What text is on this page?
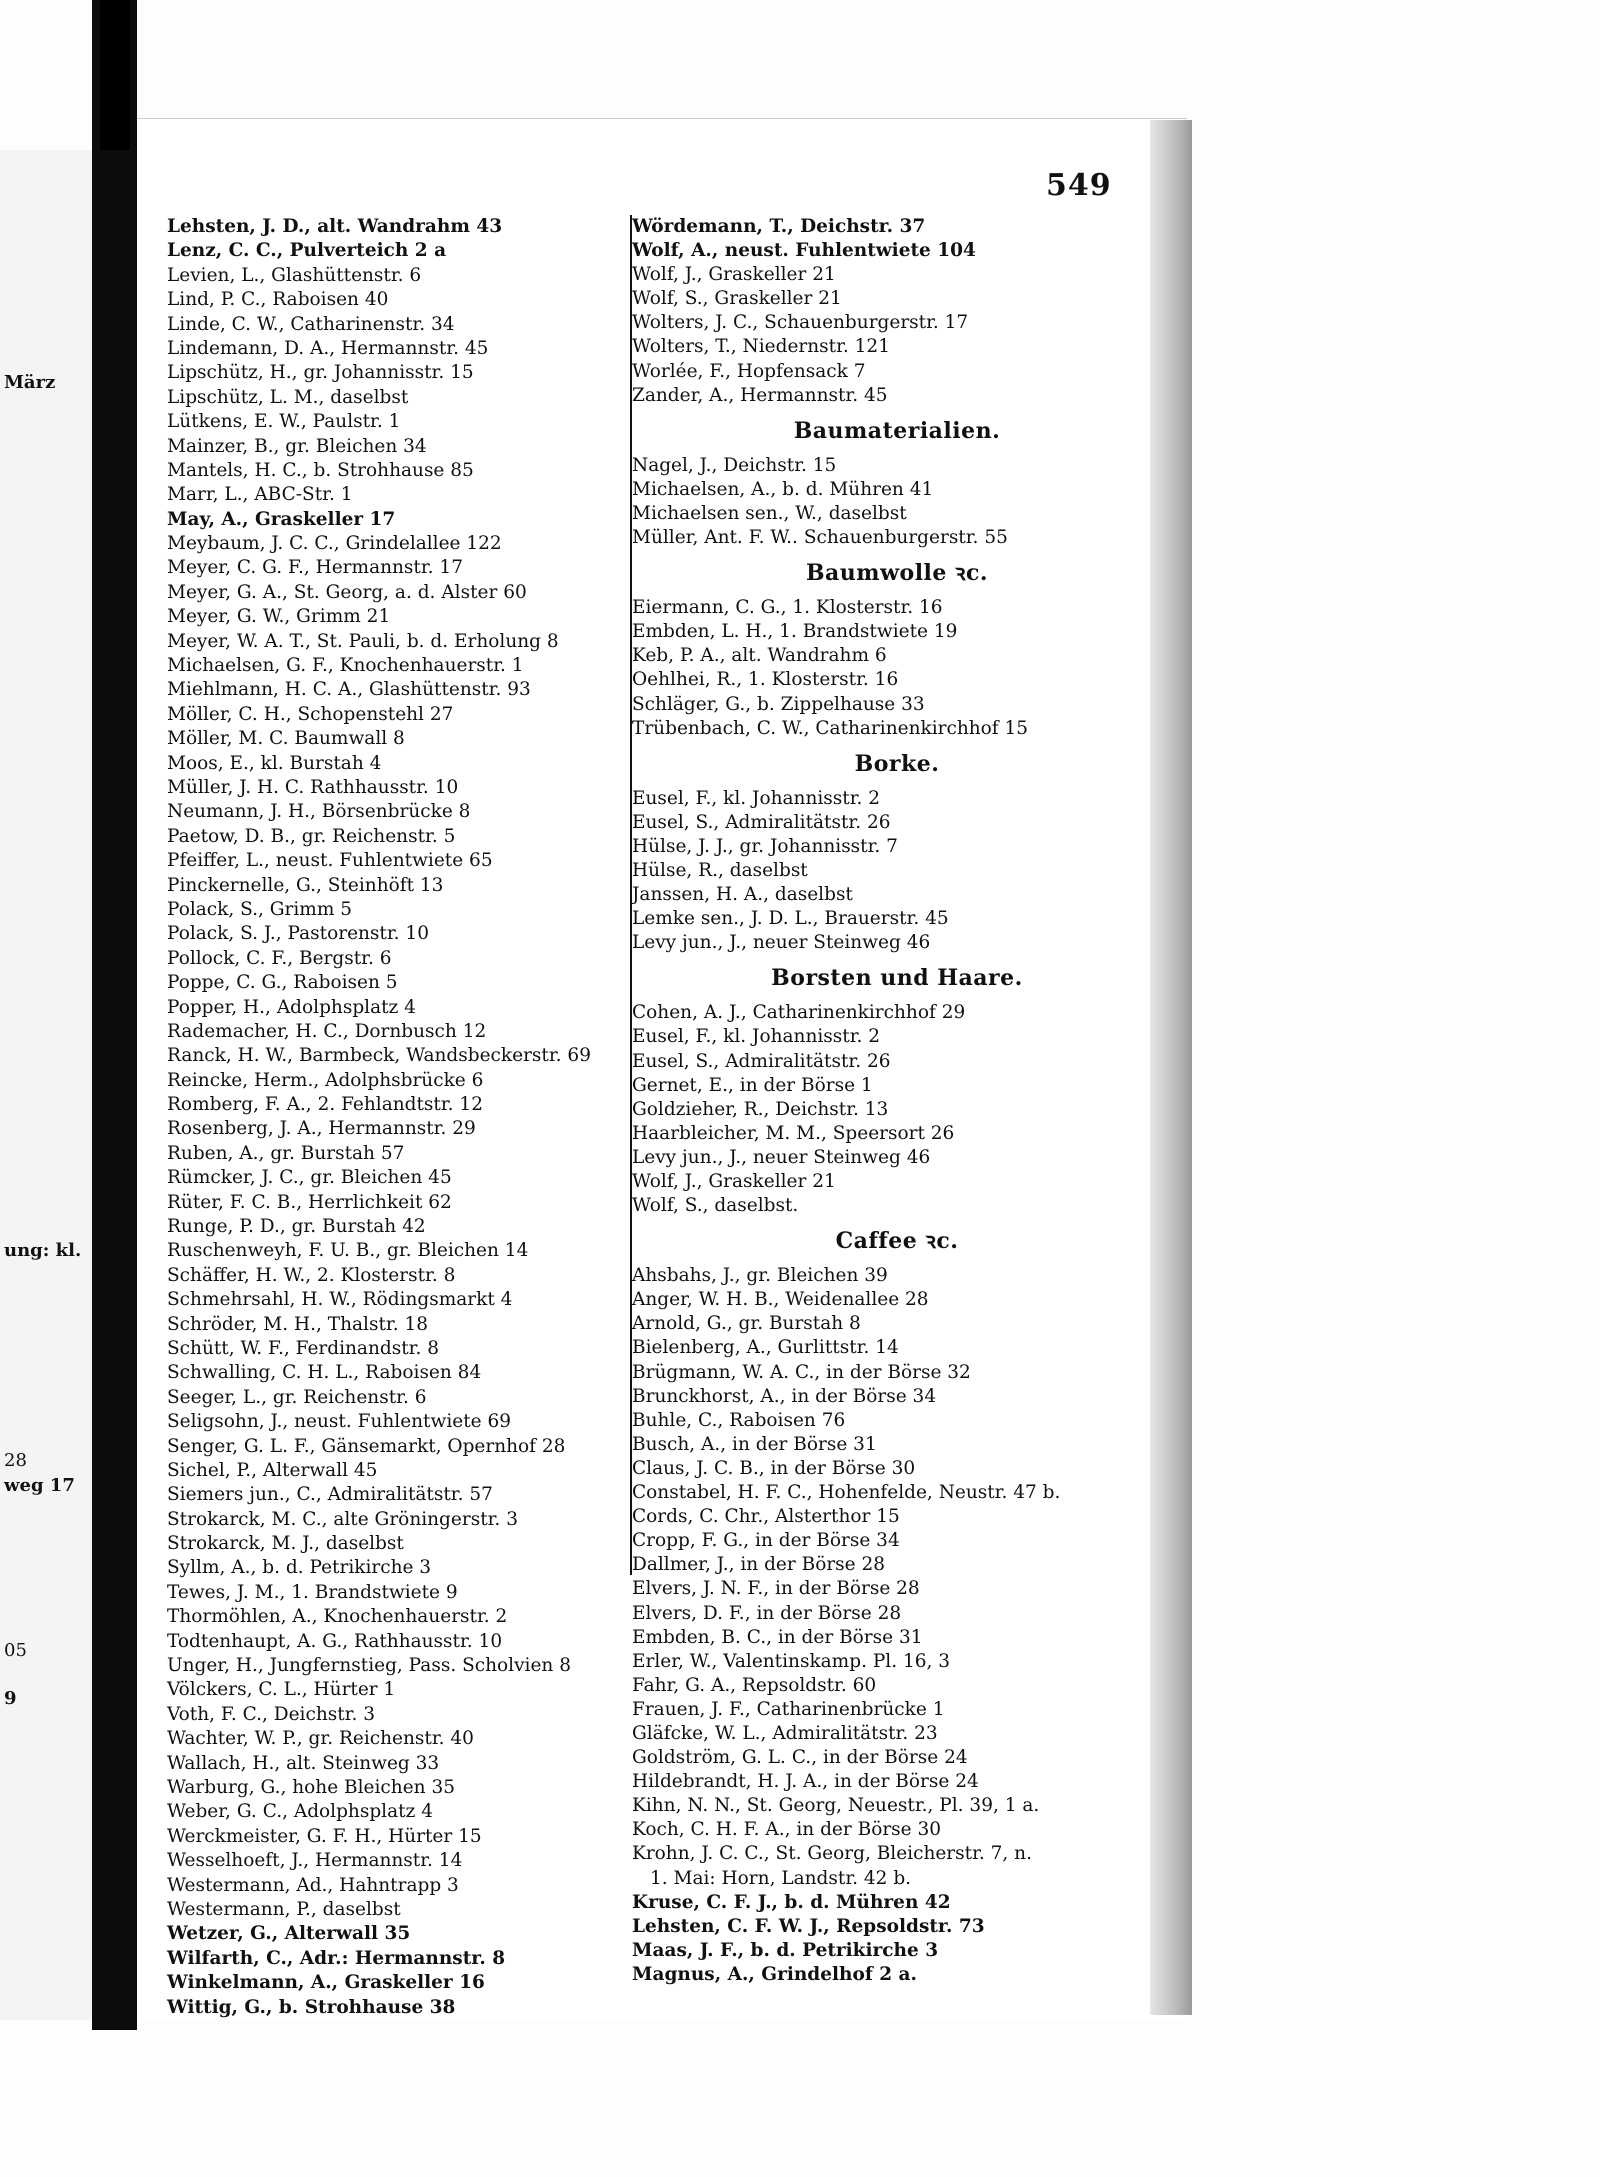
März
ung: kl.
28
weg 17
05
9
549
Lehsten, J. D., alt. Wandrahm 43
Lenz, C. C., Pulverteich 2 a
Levien, L., Glashüttenstr. 6
Lind, P. C., Raboisen 40
Linde, C. W., Catharinenstr. 34
Lindemann, D. A., Hermannstr. 45
Lipschütz, H., gr. Johannisstr. 15
Lipschütz, L. M., daselbst
Lütkens, E. W., Paulstr. 1
Mainzer, B., gr. Bleichen 34
Mantels, H. C., b. Strohhause 85
Marr, L., ABC-Str. 1
May, A., Graskeller 17
Meybaum, J. C. C., Grindelallee 122
Meyer, C. G. F., Hermannstr. 17
Meyer, G. A., St. Georg, a. d. Alster 60
Meyer, G. W., Grimm 21
Meyer, W. A. T., St. Pauli, b. d. Erholung 8
Michaelsen, G. F., Knochenhauerstr. 1
Miehlmann, H. C. A., Glashüttenstr. 93
Möller, C. H., Schopenstehl 27
Möller, M. C. Baumwall 8
Moos, E., kl. Burstah 4
Müller, J. H. C. Rathhausstr. 10
Neumann, J. H., Börsenbrücke 8
Paetow, D. B., gr. Reichenstr. 5
Pfeiffer, L., neust. Fuhlentwiete 65
Pinckernelle, G., Steinhöft 13
Polack, S., Grimm 5
Polack, S. J., Pastorenstr. 10
Pollock, C. F., Bergstr. 6
Poppe, C. G., Raboisen 5
Popper, H., Adolphsplatz 4
Rademacher, H. C., Dornbusch 12
Ranck, H. W., Barmbeck, Wandsbeckerstr. 69
Reincke, Herm., Adolphsbrücke 6
Romberg, F. A., 2. Fehlandtstr. 12
Rosenberg, J. A., Hermannstr. 29
Ruben, A., gr. Burstah 57
Rümcker, J. C., gr. Bleichen 45
Rüter, F. C. B., Herrlichkeit 62
Runge, P. D., gr. Burstah 42
Ruschenweyh, F. U. B., gr. Bleichen 14
Schäffer, H. W., 2. Klosterstr. 8
Schmehrsahl, H. W., Rödingsmarkt 4
Schröder, M. H., Thalstr. 18
Schütt, W. F., Ferdinandstr. 8
Schwalling, C. H. L., Raboisen 84
Seeger, L., gr. Reichenstr. 6
Seligsohn, J., neust. Fuhlentwiete 69
Senger, G. L. F., Gänsemarkt, Opernhof 28
Sichel, P., Alterwall 45
Siemers jun., C., Admiralitätstr. 57
Strokarck, M. C., alte Gröningerstr. 3
Strokarck, M. J., daselbst
Syllm, A., b. d. Petrikirche 3
Tewes, J. M., 1. Brandstwiete 9
Thormöhlen, A., Knochenhauerstr. 2
Todtenhaupt, A. G., Rathhausstr. 10
Unger, H., Jungfernstieg, Pass. Scholvien 8
Völckers, C. L., Hürter 1
Voth, F. C., Deichstr. 3
Wachter, W. P., gr. Reichenstr. 40
Wallach, H., alt. Steinweg 33
Warburg, G., hohe Bleichen 35
Weber, G. C., Adolphsplatz 4
Werckmeister, G. F. H., Hürter 15
Wesselhoeft, J., Hermannstr. 14
Westermann, Ad., Hahntrapp 3
Westermann, P., daselbst
Wetzer, G., Alterwall 35
Wilfarth, C., Adr.: Hermannstr. 8
Winkelmann, A., Graskeller 16
Wittig, G., b. Strohhause 38
Wördemann, T., Deichstr. 37
Wolf, A., neust. Fuhlentwiete 104
Wolf, J., Graskeller 21
Wolf, S., Graskeller 21
Wolters, J. C., Schauenburgerstr. 17
Wolters, T., Niedernstr. 121
Worlée, F., Hopfensack 7
Zander, A., Hermannstr. 45
Baumaterialien.
Nagel, J., Deichstr. 15
Michaelsen, A., b. d. Mühren 41
Michaelsen sen., W., daselbst
Müller, Ant. F. W.. Schauenburgerstr. 55
Baumwolle ꝛc.
Eiermann, C. G., 1. Klosterstr. 16
Embden, L. H., 1. Brandstwiete 19
Keb, P. A., alt. Wandrahm 6
Oehlhei, R., 1. Klosterstr. 16
Schläger, G., b. Zippelhause 33
Trübenbach, C. W., Catharinenkirchhof 15
Borke.
Eusel, F., kl. Johannisstr. 2
Eusel, S., Admiralitätstr. 26
Hülse, J. J., gr. Johannisstr. 7
Hülse, R., daselbst
Janssen, H. A., daselbst
Lemke sen., J. D. L., Brauerstr. 45
Levy jun., J., neuer Steinweg 46
Borsten und Haare.
Cohen, A. J., Catharinenkirchhof 29
Eusel, F., kl. Johannisstr. 2
Eusel, S., Admiralitätstr. 26
Gernet, E., in der Börse 1
Goldzieher, R., Deichstr. 13
Haarbleicher, M. M., Speersort 26
Levy jun., J., neuer Steinweg 46
Wolf, J., Graskeller 21
Wolf, S., daselbst.
Caffee ꝛc.
Ahsbahs, J., gr. Bleichen 39
Anger, W. H. B., Weidenallee 28
Arnold, G., gr. Burstah 8
Bielenberg, A., Gurlittstr. 14
Brügmann, W. A. C., in der Börse 32
Brunckhorst, A., in der Börse 34
Buhle, C., Raboisen 76
Busch, A., in der Börse 31
Claus, J. C. B., in der Börse 30
Constabel, H. F. C., Hohenfelde, Neustr. 47 b.
Cords, C. Chr., Alsterthor 15
Cropp, F. G., in der Börse 34
Dallmer, J., in der Börse 28
Elvers, J. N. F., in der Börse 28
Elvers, D. F., in der Börse 28
Embden, B. C., in der Börse 31
Erler, W., Valentinskamp. Pl. 16, 3
Fahr, G. A., Repsoldstr. 60
Frauen, J. F., Catharinenbrücke 1
Gläfcke, W. L., Admiralitätstr. 23
Goldström, G. L. C., in der Börse 24
Hildebrandt, H. J. A., in der Börse 24
Kihn, N. N., St. Georg, Neuestr., Pl. 39, 1 a.
Koch, C. H. F. A., in der Börse 30
Krohn, J. C. C., St. Georg, Bleicherstr. 7, n.
1. Mai: Horn, Landstr. 42 b.
Kruse, C. F. J., b. d. Mühren 42
Lehsten, C. F. W. J., Repsoldstr. 73
Maas, J. F., b. d. Petrikirche 3
Magnus, A., Grindelhof 2 a.
